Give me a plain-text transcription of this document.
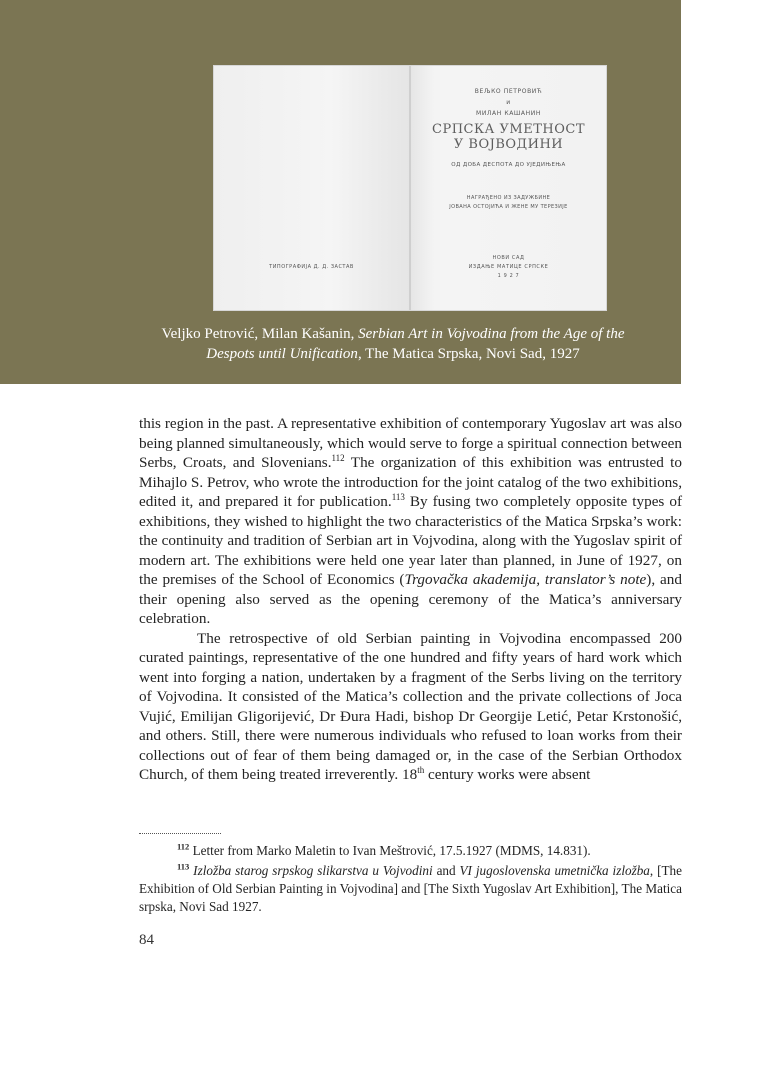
ТИПОГРАФИЈА Д. Д. ЗАСТАВ
ВЕЉКО ПЕТРОВИЋ
и
МИЛАН КАШАНИН
СРПСКА УМЕТНОСТ
У ВОЈВОДИНИ
ОД ДОБА ДЕСПОТА ДО УЈЕДИЊЕЊА
НАГРАЂЕНО ИЗ ЗАДУЖБИНЕ
ЈОВАНА ОСТОЈИЋА И ЖЕНЕ МУ ТЕРЕЗИЈЕ
НОВИ САД
ИЗДАЊЕ МАТИЦЕ СРПСКЕ
1 9 2 7
Veljko Petrović, Milan Kašanin, Serbian Art in Vojvodina from the Age of the Despots until Unification, The Matica Srpska, Novi Sad, 1927

this region in the past. A representative exhibition of contemporary Yugoslav art was also being planned simultaneously, which would serve to forge a spiritual connection between Serbs, Croats, and Slovenians.$^{112}$ The organization of this exhibition was entrusted to Mihajlo S. Petrov, who wrote the introduction for the joint catalog of the two exhibitions, edited it, and prepared it for publication.$^{113}$ By fusing two completely opposite types of exhibitions, they wished to highlight the two characteristics of the Matica Srpska’s work: the continuity and tradition of Serbian art in Vojvodina, along with the Yugoslav spirit of modern art. The exhibitions were held one year later than planned, in June of 1927, on the premises of the School of Economics (Trgovačka akademija, translator’s note), and their opening also served as the opening ceremony of the Matica’s anniversary celebration.

The retrospective of old Serbian painting in Vojvodina encompassed 200 curated paintings, representative of the one hundred and fifty years of hard work which went into forging a nation, undertaken by a fragment of the Serbs living on the territory of Vojvodina. It consisted of the Matica’s collection and the private collections of Joca Vujić, Emilijan Gligorijević, Dr Đura Hadi, bishop Dr Georgije Letić, Petar Krstonošić, and others. Still, there were numerous individuals who refused to loan works from their collections out of fear of them being damaged or, in the case of the Serbian Orthodox Church, of them being treated irreverently. 18th century works were absent

$^{112}$ Letter from Marko Maletin to Ivan Meštrović, 17.5.1927 (MDMS, 14.831).

$^{113}$ Izložba starog srpskog slikarstva u Vojvodini and VI jugoslovenska umetnička izložba, [The Exhibition of Old Serbian Painting in Vojvodina] and [The Sixth Yugoslav Art Exhibition], The Matica srpska, Novi Sad 1927.

84
